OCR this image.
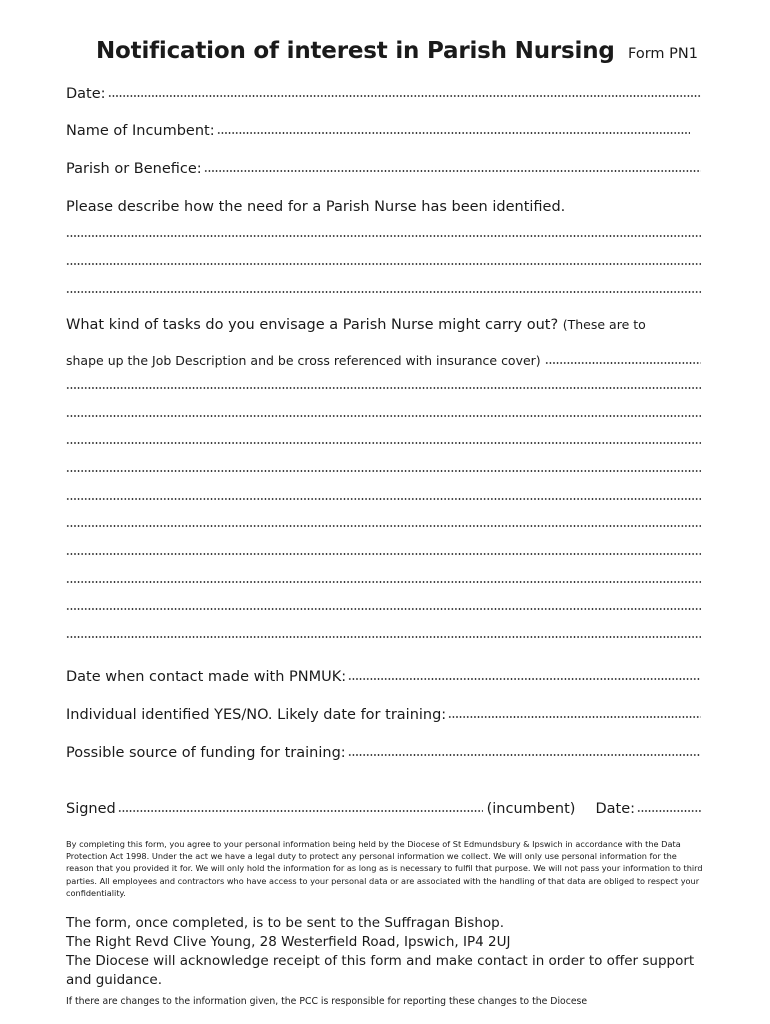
Notification of interest in Parish Nursing Form PN1
Date:
Name of Incumbent:
Parish or Benefice:
Please describe how the need for a Parish Nurse has been identified.
What kind of tasks do you envisage a Parish Nurse might carry out? (These are to
shape up the Job Description and be cross referenced with insurance cover)
Date when contact made with PNMUK:
Individual identified YES/NO. Likely date for training:
Possible source of funding for training:
Signed	(incumbent) Date:
By completing this form, you agree to your personal information being held by the Diocese of St Edmundsbury & Ipswich in accordance with the Data Protection Act 1998. Under the act we have a legal duty to protect any personal information we collect. We will only use personal information for the reason that you provided it for. We will only hold the information for as long as is necessary to fulfil that purpose. We will not pass your information to third parties. All employees and contractors who have access to your personal data or are associated with the handling of that data are obliged to respect your confidentiality.
The form, once completed, is to be sent to the Suffragan Bishop.
The Right Revd Clive Young, 28 Westerfield Road, Ipswich, IP4 2UJ
The Diocese will acknowledge receipt of this form and make contact in order to offer support and guidance.
If there are changes to the information given, the PCC is responsible for reporting these changes to the Diocese
